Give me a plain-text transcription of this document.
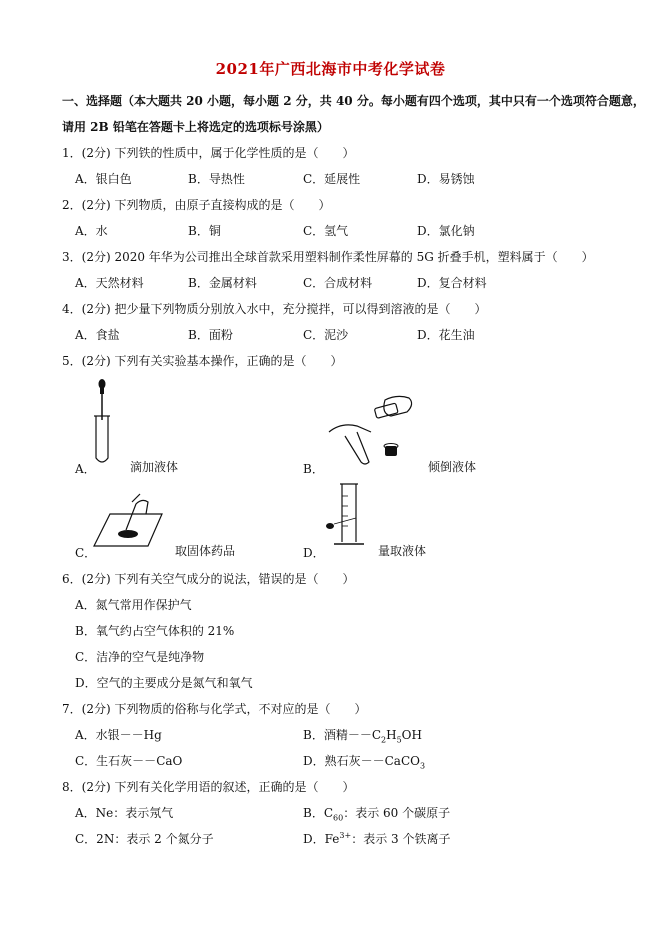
2021年广西北海市中考化学试卷
一、选择题（本大题共 20 小题，每小题 2 分，共 40 分。每小题有四个选项，其中只有一个选项符合题意，
请用 2B 铅笔在答题卡上将选定的选项标号涂黑）
1．(2分) 下列铁的性质中，属于化学性质的是（　　）
A．银白色	B．导热性	C．延展性	D．易锈蚀
2．(2分) 下列物质，由原子直接构成的是（　　）
A．水	B．铜	C．氢气	D．氯化钠
3．(2分) 2020 年华为公司推出全球首款采用塑料制作柔性屏幕的 5G 折叠手机，塑料属于（　　）
A．天然材料	B．金属材料	C．合成材料	D．复合材料
4．(2分) 把少量下列物质分别放入水中，充分搅拌，可以得到溶液的是（　　）
A．食盐	B．面粉	C．泥沙	D．花生油
5．(2分) 下列有关实验基本操作，正确的是（　　）
A．	滴加液体	B．	倾倒液体
C．	取固体药品	D．	量取液体
6．(2分) 下列有关空气成分的说法，错误的是（　　）
A．氮气常用作保护气
B．氧气约占空气体积的 21%
C．洁净的空气是纯净物
D．空气的主要成分是氮气和氧气
7．(2分) 下列物质的俗称与化学式，不对应的是（　　）
A．水银－－Hg	B．酒精$--C_2H_5OH$
C．生石灰－－CaO	D．熟石灰－－CaCO$_3$
8．(2分) 下列有关化学用语的叙述，正确的是（　　）
A．Ne：表示氖气	B．$C_{60}$：表示 60 个碳原子
C．2N：表示 2 个氮分子	D．$Fe^{3+}$：表示 3 个铁离子
